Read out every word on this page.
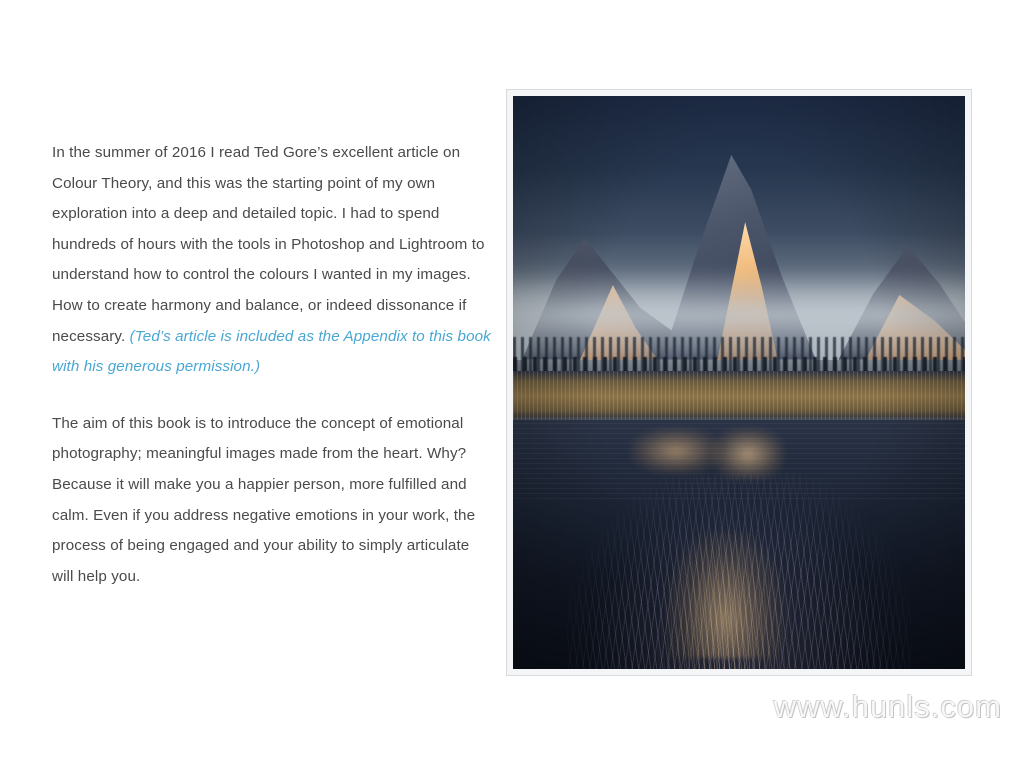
In the summer of 2016 I read Ted Gore’s excellent article on Colour Theory, and this was the starting point of my own exploration into a deep and detailed topic. I had to spend hundreds of hours with the tools in Photoshop and Lightroom to understand how to control the colours I wanted in my images. How to create harmony and balance, or indeed dissonance if necessary. (Ted’s article is included as the Appendix to this book with his generous permission.)

The aim of this book is to introduce the concept of emotional photography; meaningful images made from the heart. Why? Because it will make you a happier person, more fulfilled and calm. Even if you address negative emotions in your work, the process of being engaged and your ability to simply articulate will help you.

www.hunls.com
